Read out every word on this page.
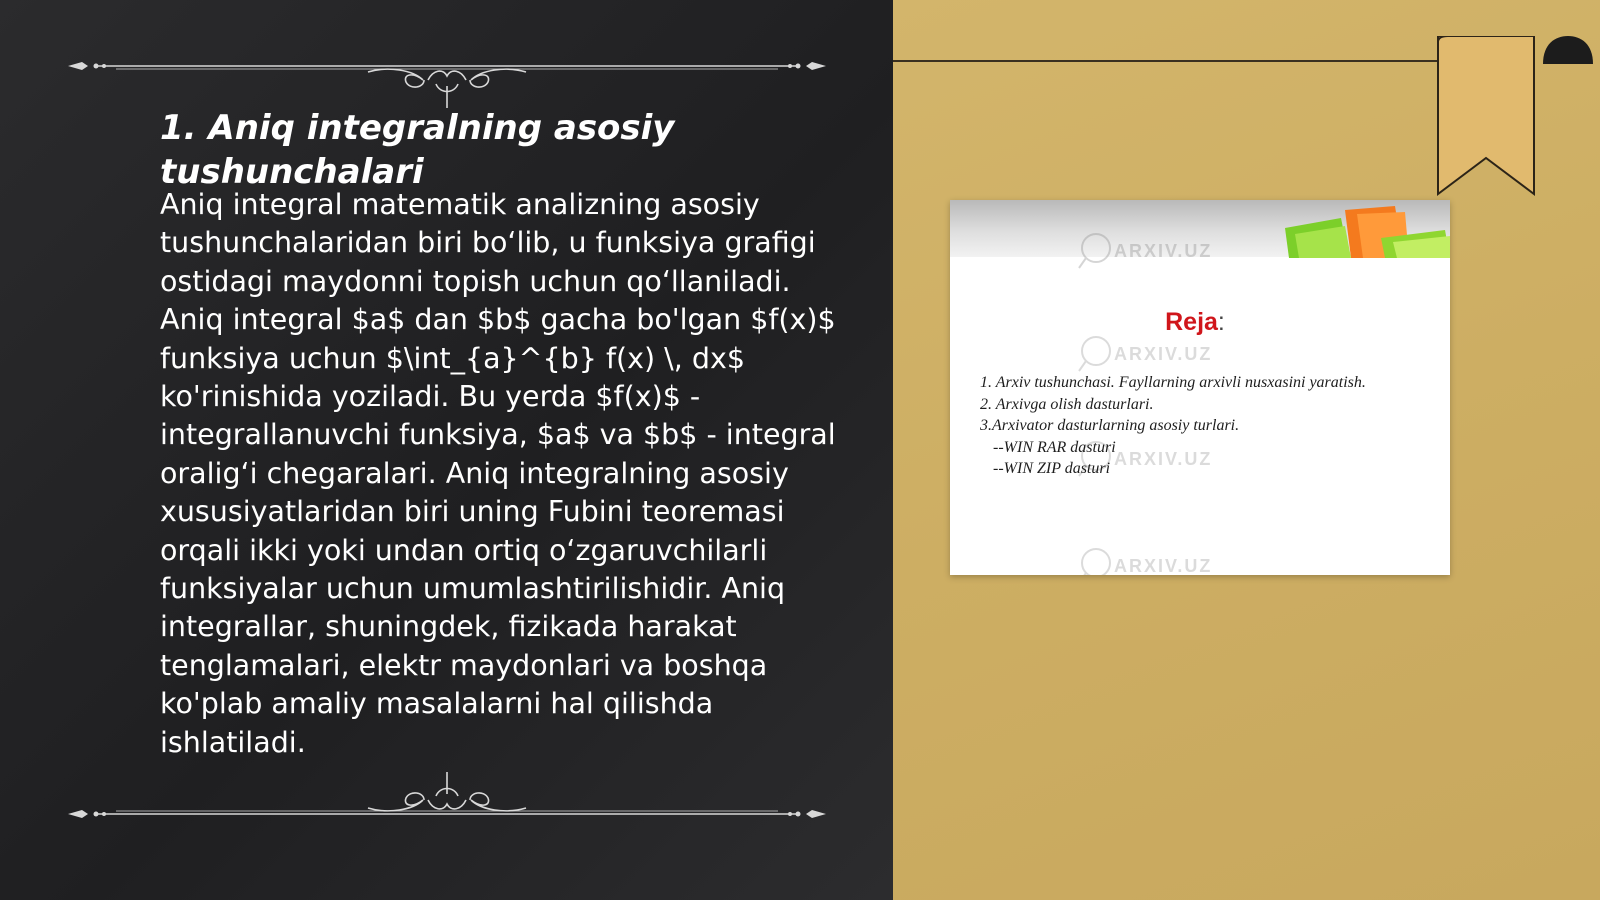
1. Aniq integralning asosiy tushunchalari

Aniq integral matematik analizning asosiy tushunchalaridan biri bo‘lib, u funksiya grafigi ostidagi maydonni topish uchun qo‘llaniladi. Aniq integral $a$ dan $b$ gacha bo'lgan $f(x)$ funksiya uchun $\int_{a}^{b} f(x) \, dx$ ko'rinishida yoziladi. Bu yerda $f(x)$ - integrallanuvchi funksiya, $a$ va $b$ - integral oralig‘i chegaralari. Aniq integralning asosiy xususiyatlaridan biri uning Fubini teoremasi orqali ikki yoki undan ortiq o‘zgaruvchilarli funksiyalar uchun umumlashtirilishidir. Aniq integrallar, shuningdek, fizikada harakat tenglamalari, elektr maydonlari va boshqa ko'plab amaliy masalalarni hal qilishda ishlatiladi.

ARXIV.UZ
ARXIV.UZ
ARXIV.UZ
ARXIV.UZ

Reja:

1. Arxiv tushunchasi. Fayllarning arxivli nusxasini yaratish.
2. Arxivga olish dasturlari.
3.Arxivator dasturlarning asosiy turlari.
--WIN RAR dasturi
--WIN ZIP dasturi
